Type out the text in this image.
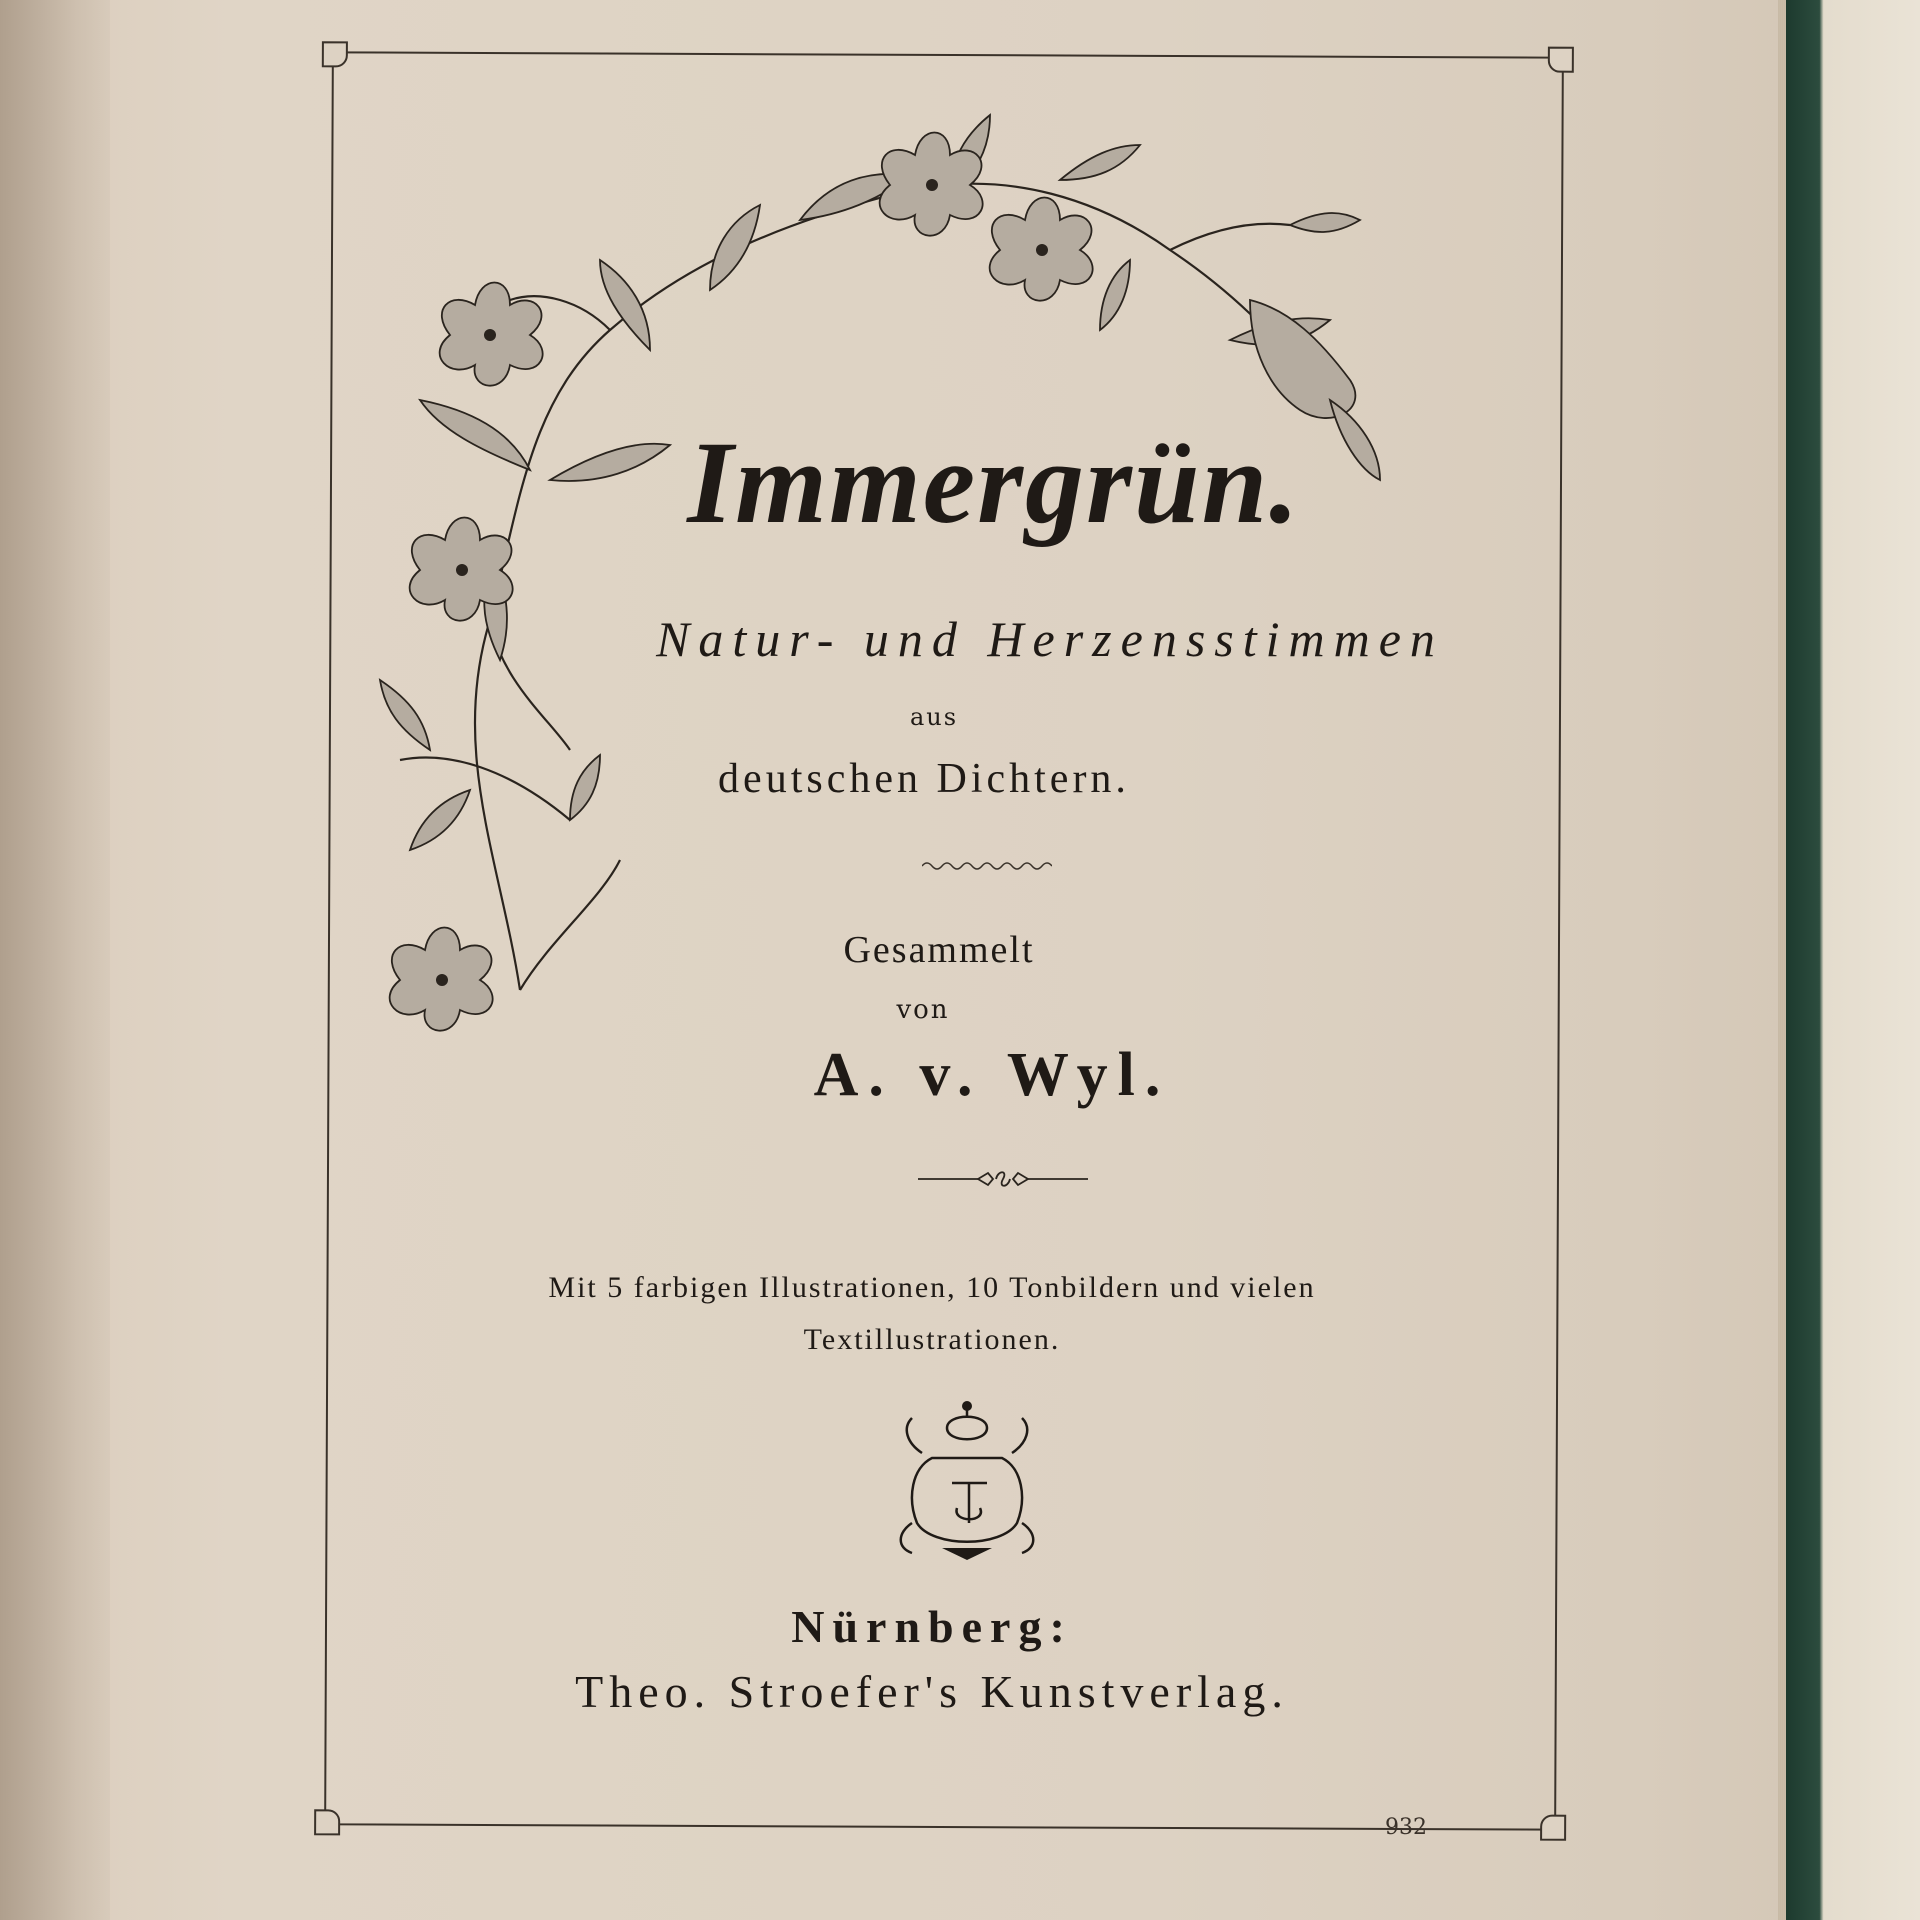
Immergrün.
Natur- und Herzensstimmen
aus
deutschen Dichtern.
Gesammelt
von
A. v. Wyl.
Mit 5 farbigen Illustrationen, 10 Tonbildern und vielen
Textillustrationen.
Nürnberg:
Theo. Stroefer's Kunstverlag.
932
